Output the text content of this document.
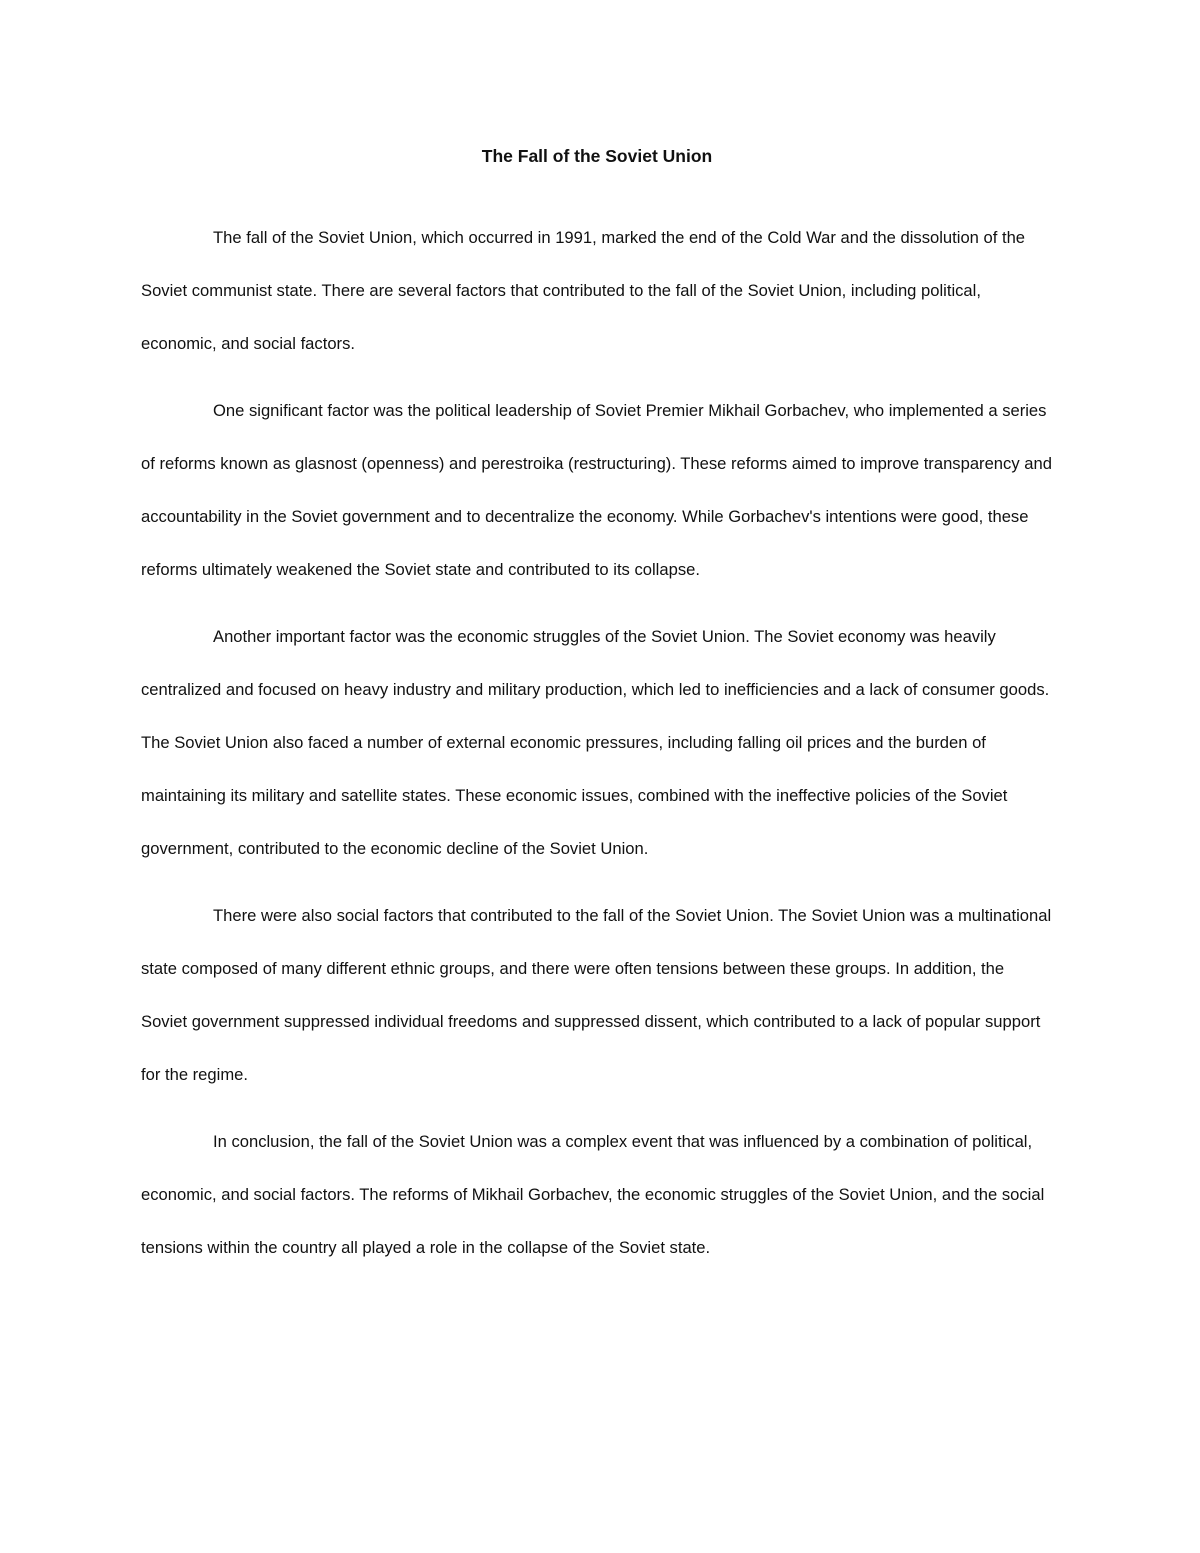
The Fall of the Soviet Union

The fall of the Soviet Union, which occurred in 1991, marked the end of the Cold War and the dissolution of the Soviet communist state. There are several factors that contributed to the fall of the Soviet Union, including political, economic, and social factors.

One significant factor was the political leadership of Soviet Premier Mikhail Gorbachev, who implemented a series of reforms known as glasnost (openness) and perestroika (restructuring). These reforms aimed to improve transparency and accountability in the Soviet government and to decentralize the economy. While Gorbachev's intentions were good, these reforms ultimately weakened the Soviet state and contributed to its collapse.

Another important factor was the economic struggles of the Soviet Union. The Soviet economy was heavily centralized and focused on heavy industry and military production, which led to inefficiencies and a lack of consumer goods. The Soviet Union also faced a number of external economic pressures, including falling oil prices and the burden of maintaining its military and satellite states. These economic issues, combined with the ineffective policies of the Soviet government, contributed to the economic decline of the Soviet Union.

There were also social factors that contributed to the fall of the Soviet Union. The Soviet Union was a multinational state composed of many different ethnic groups, and there were often tensions between these groups. In addition, the Soviet government suppressed individual freedoms and suppressed dissent, which contributed to a lack of popular support for the regime.

In conclusion, the fall of the Soviet Union was a complex event that was influenced by a combination of political, economic, and social factors. The reforms of Mikhail Gorbachev, the economic struggles of the Soviet Union, and the social tensions within the country all played a role in the collapse of the Soviet state.
